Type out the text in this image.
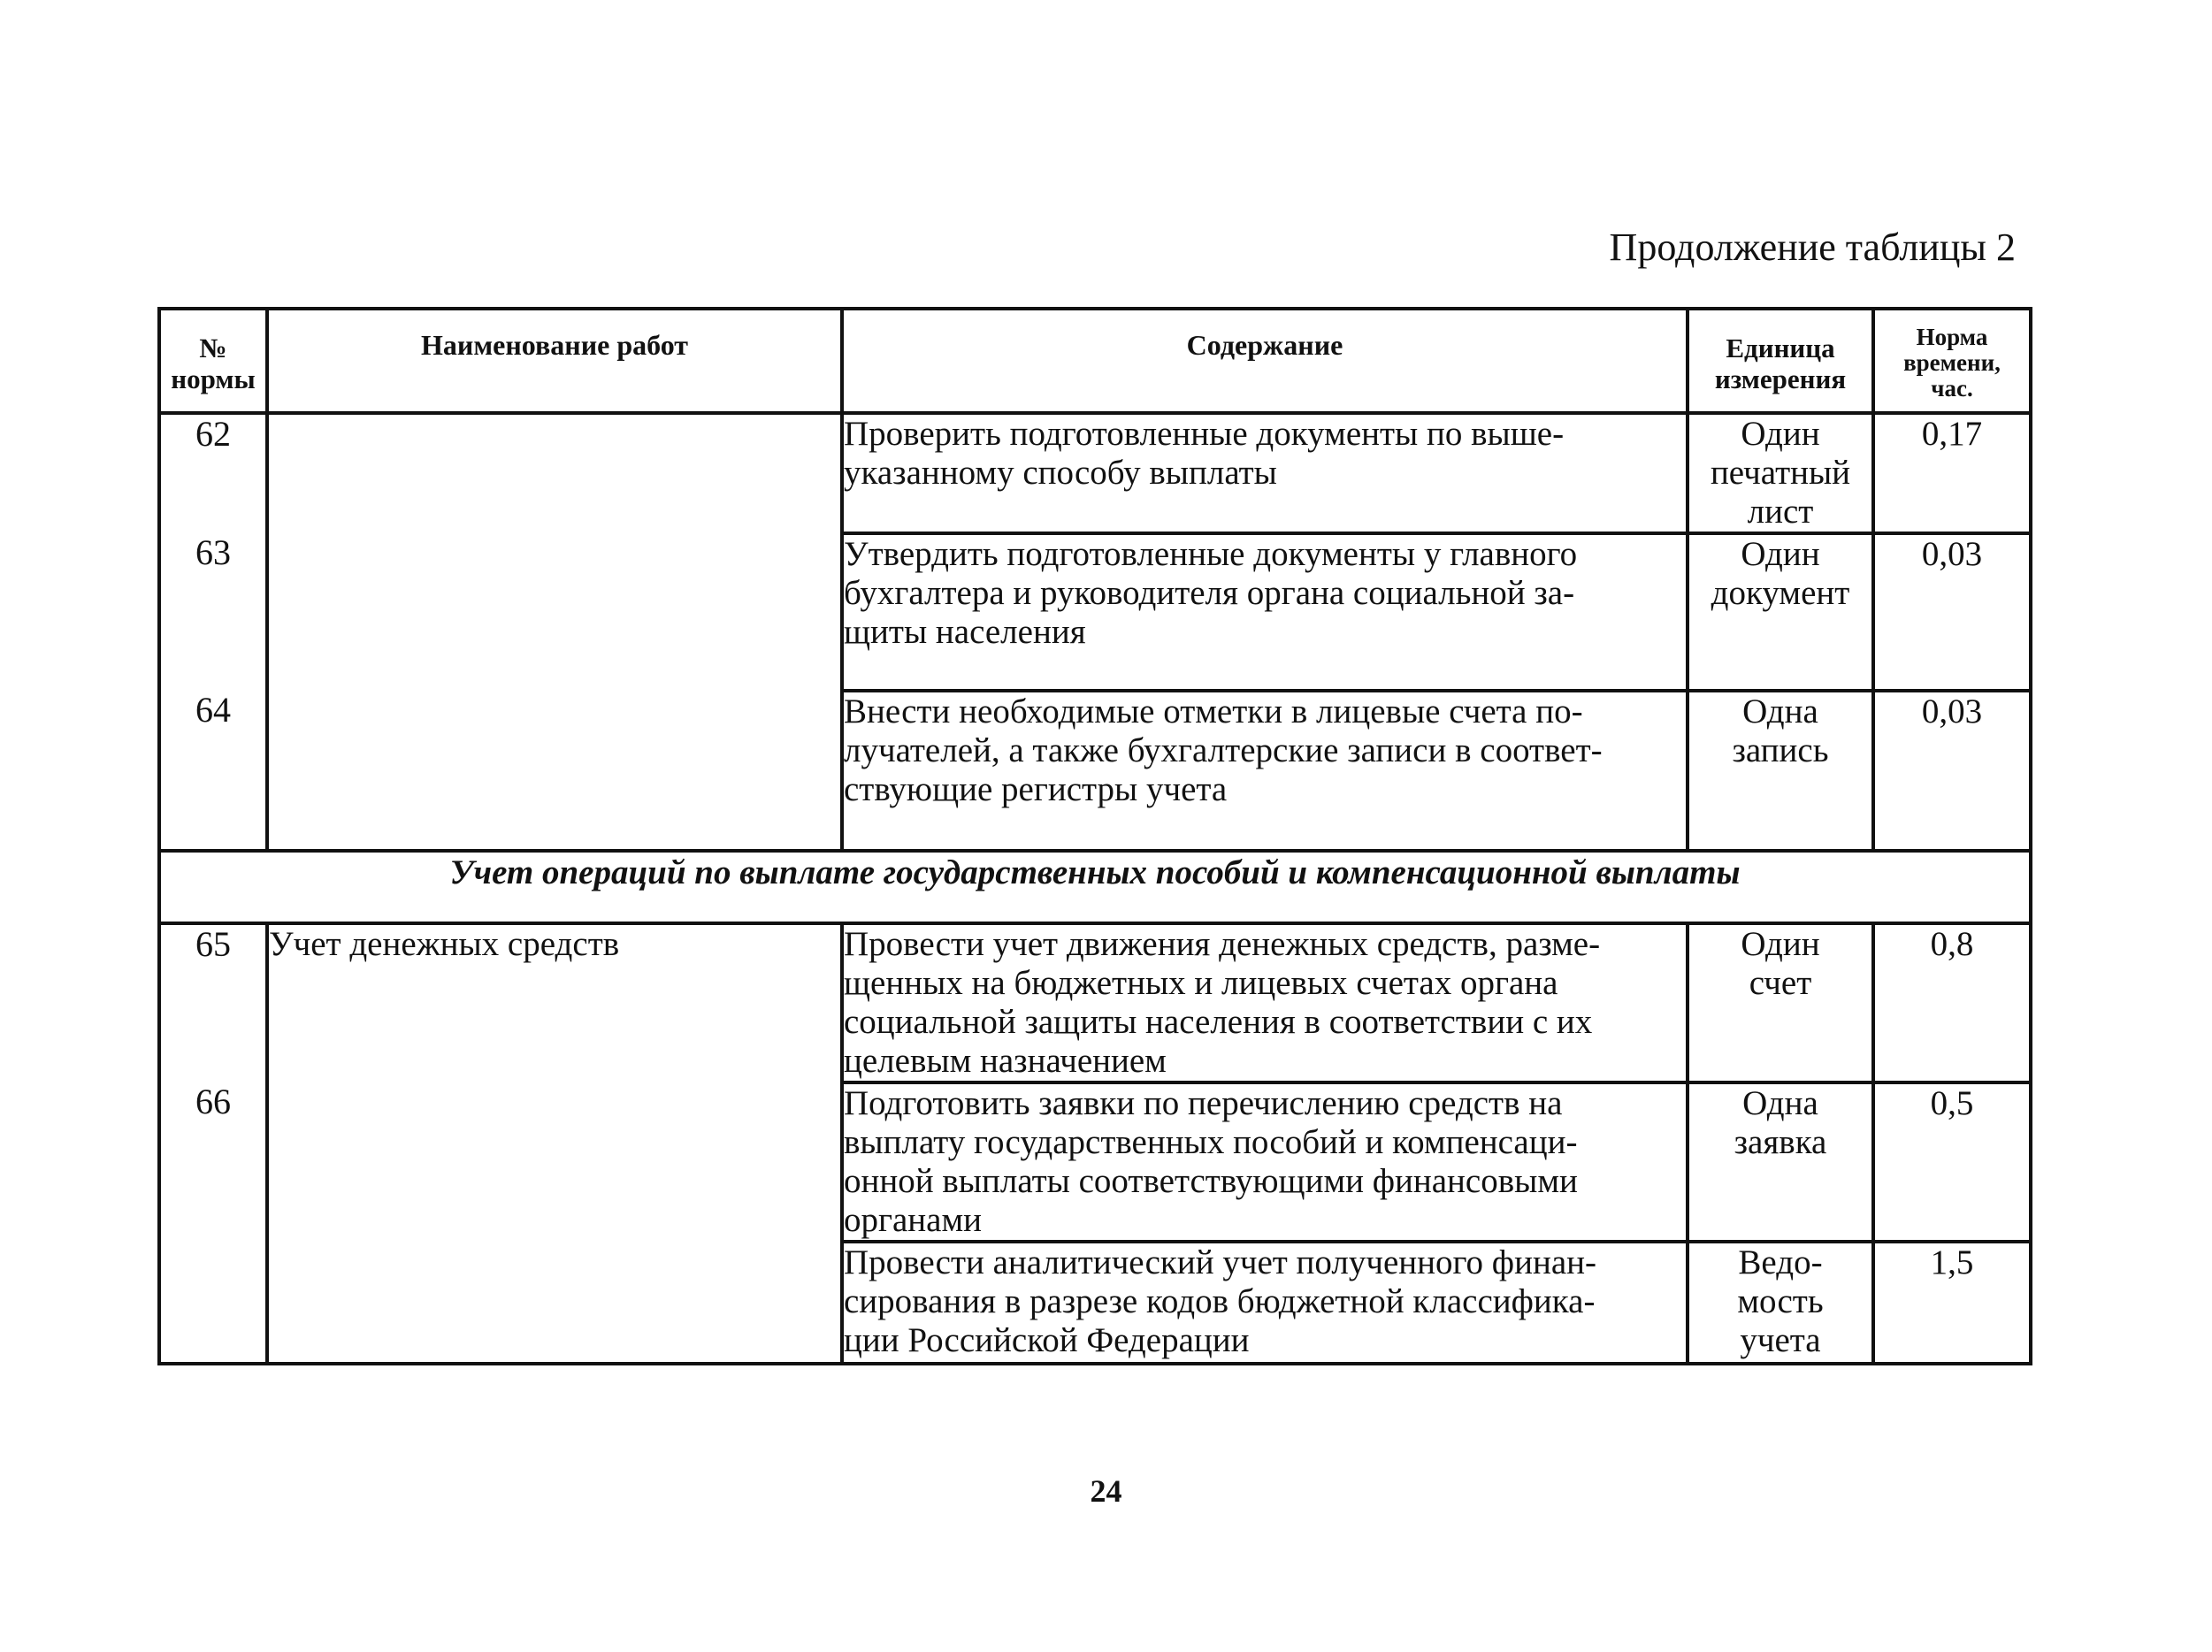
Продолжение таблицы 2
№
нормы	Наименование работ	Содержание	Единица
измерения	Норма
времени,
час.

62		Проверить подготовленные документы по выше-
указанному способу выплаты	Один
печатный
лист	0,17
63		Утвердить подготовленные документы у главного
бухгалтера и руководителя органа социальной за-
щиты населения	Один
документ	0,03
64		Внести необходимые отметки в лицевые счета по-
лучателей, а также бухгалтерские записи в соответ-
ствующие регистры учета	Одна
запись	0,03
Учет операций по выплате государственных пособий и компенсационной выплаты				
65	Учет денежных средств	Провести учет движения денежных средств, разме-
щенных на бюджетных и лицевых счетах органа
социальной защиты населения в соответствии с их
целевым назначением	Один
счет	0,8
66		Подготовить заявки по перечислению средств на
выплату государственных пособий и компенсаци-
онной выплаты соответствующими финансовыми
органами	Одна
заявка	0,5

		Провести аналитический учет полученного финан-
сирования в разрезе кодов бюджетной классифика-
ции Российской Федерации	Ведо-
мость
учета	1,5
24
